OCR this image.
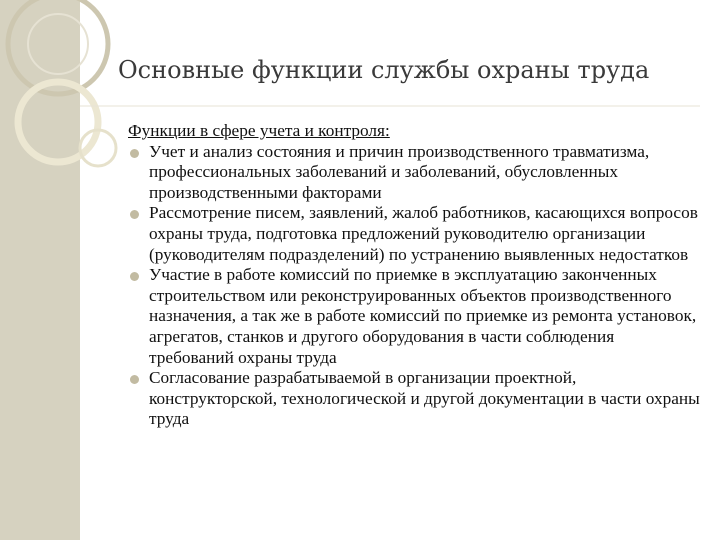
Основные функции службы охраны труда

Функции в сфере учета и контроля:

Учет и анализ состояния и причин производственного травматизма, профессиональных заболеваний и заболеваний, обусловленных производственными факторами
Рассмотрение писем, заявлений, жалоб работников, касающихся вопросов охраны труда, подготовка предложений руководителю организации (руководителям подразделений) по устранению выявленных недостатков
Участие в работе комиссий по приемке в эксплуатацию законченных строительством или реконструированных объектов производственного назначения, а так же в работе комиссий по приемке из ремонта установок, агрегатов, станков и другого оборудования в части соблюдения требований охраны труда
Согласование разрабатываемой в организации проектной, конструкторской, технологической и другой документации в части охраны труда
